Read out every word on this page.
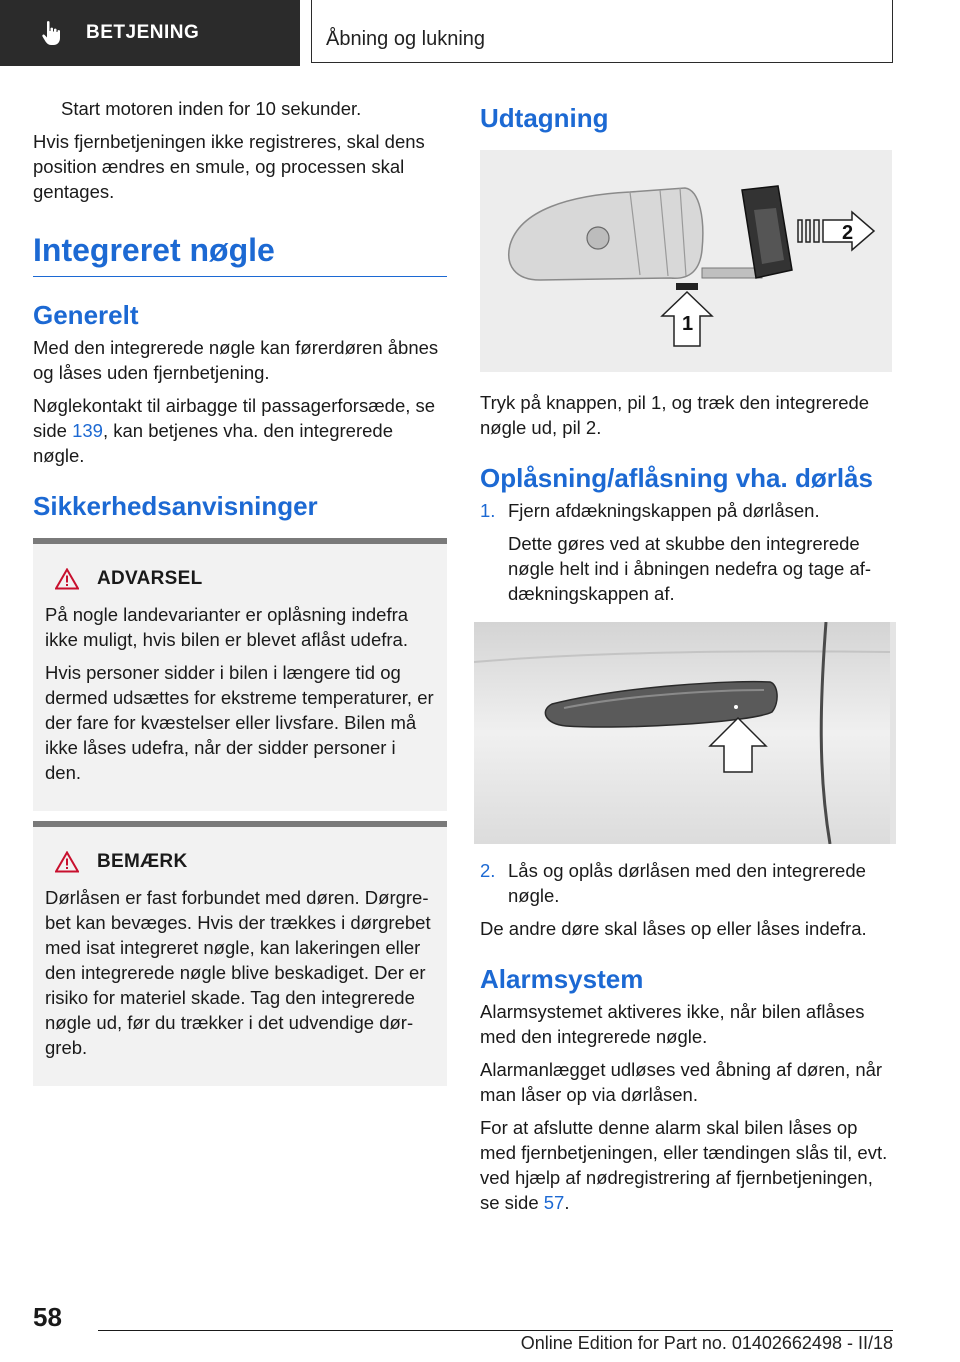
BETJENING	Åbning og lukning

Start motoren inden for 10 sekunder.

Hvis fjernbetjeningen ikke registreres, skal dens position ændres en smule, og processen skal gentages.

Integreret nøgle
Generelt

Med den integrerede nøgle kan førerdøren åbnes og låses uden fjernbetjening.

Nøglekontakt til airbagge til passagerforsæde, se side 139, kan betjenes vha. den integrerede nøgle.

Sikkerhedsanvisninger
ADVARSEL

På nogle landevarianter er oplåsning indefra ikke muligt, hvis bilen er blevet aflåst udefra.

Hvis personer sidder i bilen i længere tid og dermed udsættes for ekstreme temperaturer, er der fare for kvæstelser eller livsfare. Bilen må ikke låses udefra, når der sidder personer i den.

BEMÆRK

Dørlåsen er fast forbundet med døren. Dørgrebet kan bevæges. Hvis der trækkes i dørgrebet med isat integreret nøgle, kan lakeringen eller den integrerede nøgle blive beskadiget. Der er risiko for materiel skade. Tag den integrerede nøgle ud, før du trækker i det udvendige dørgreb.

Udtagning
2
1

Tryk på knappen, pil 1, og træk den integrerede nøgle ud, pil 2.

Oplåsning/aflåsning vha. dørlås
1. Fjern afdækningskappen på dørlåsen.
Dette gøres ved at skubbe den integrerede nøgle helt ind i åbningen nedefra og tage afdækningskappen af.
2. Lås og oplås dørlåsen med den integrerede nøgle.

De andre døre skal låses op eller låses indefra.

Alarmsystem

Alarmsystemet aktiveres ikke, når bilen aflåses med den integrerede nøgle.

Alarmanlægget udløses ved åbning af døren, når man låser op via dørlåsen.

For at afslutte denne alarm skal bilen låses op med fjernbetjeningen, eller tændingen slås til, evt. ved hjælp af nødregistrering af fjernbetjeningen, se side 57.

58
Online Edition for Part no. 01402662498 - II/18
